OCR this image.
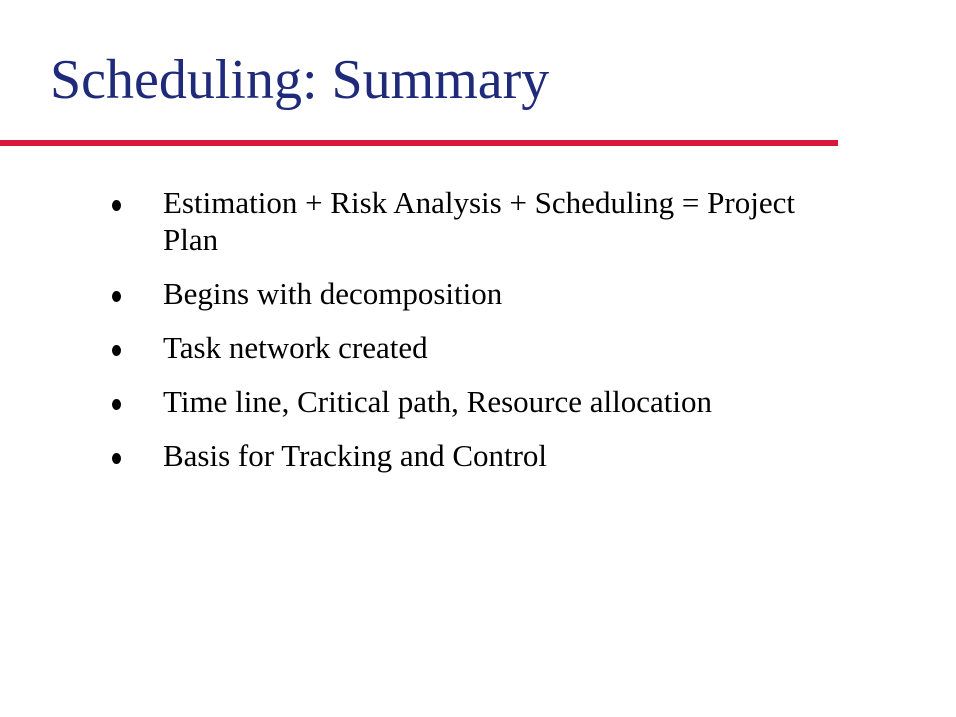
Scheduling: Summary
Estimation + Risk Analysis + Scheduling = Project Plan
Begins with decomposition
Task network created
Time line, Critical path, Resource allocation
Basis for Tracking and Control
